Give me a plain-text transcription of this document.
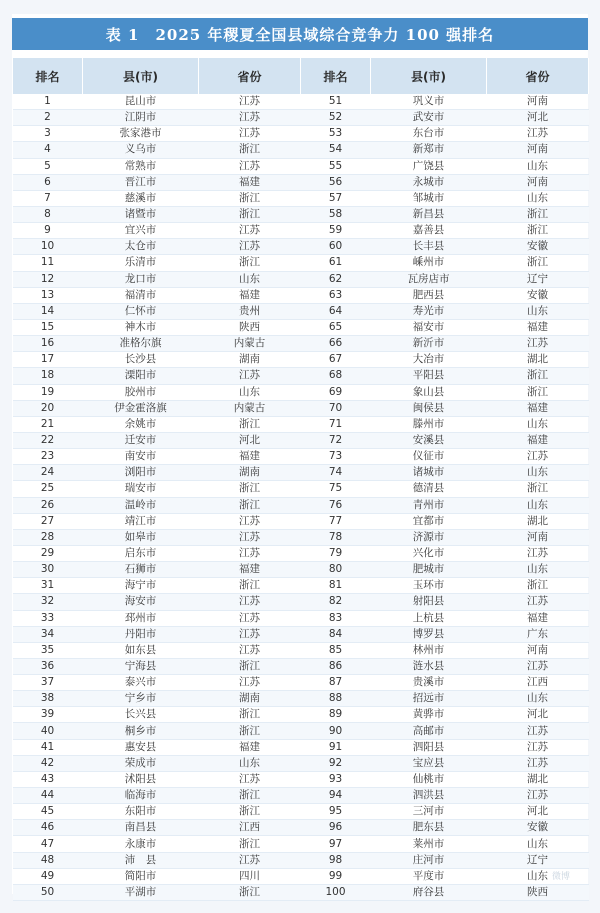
表 1　2025 年稷夏全国县域综合竞争力 100 强排名
排名	县(市)	省份	排名	县(市)	省份
1	昆山市	江苏	51	巩义市	河南
2	江阴市	江苏	52	武安市	河北
3	张家港市	江苏	53	东台市	江苏
4	义乌市	浙江	54	新郑市	河南
5	常熟市	江苏	55	广饶县	山东
6	晋江市	福建	56	永城市	河南
7	慈溪市	浙江	57	邹城市	山东
8	诸暨市	浙江	58	新昌县	浙江
9	宜兴市	江苏	59	嘉善县	浙江
10	太仓市	江苏	60	长丰县	安徽
11	乐清市	浙江	61	嵊州市	浙江
12	龙口市	山东	62	瓦房店市	辽宁
13	福清市	福建	63	肥西县	安徽
14	仁怀市	贵州	64	寿光市	山东
15	神木市	陕西	65	福安市	福建
16	准格尔旗	内蒙古	66	新沂市	江苏
17	长沙县	湖南	67	大冶市	湖北
18	溧阳市	江苏	68	平阳县	浙江
19	胶州市	山东	69	象山县	浙江
20	伊金霍洛旗	内蒙古	70	闽侯县	福建
21	余姚市	浙江	71	滕州市	山东
22	迁安市	河北	72	安溪县	福建
23	南安市	福建	73	仪征市	江苏
24	浏阳市	湖南	74	诸城市	山东
25	瑞安市	浙江	75	德清县	浙江
26	温岭市	浙江	76	青州市	山东
27	靖江市	江苏	77	宜都市	湖北
28	如皋市	江苏	78	济源市	河南
29	启东市	江苏	79	兴化市	江苏
30	石狮市	福建	80	肥城市	山东
31	海宁市	浙江	81	玉环市	浙江
32	海安市	江苏	82	射阳县	江苏
33	邳州市	江苏	83	上杭县	福建
34	丹阳市	江苏	84	博罗县	广东
35	如东县	江苏	85	林州市	河南
36	宁海县	浙江	86	涟水县	江苏
37	泰兴市	江苏	87	贵溪市	江西
38	宁乡市	湖南	88	招远市	山东
39	长兴县	浙江	89	黄骅市	河北
40	桐乡市	浙江	90	高邮市	江苏
41	惠安县	福建	91	泗阳县	江苏
42	荣成市	山东	92	宝应县	江苏
43	沭阳县	江苏	93	仙桃市	湖北
44	临海市	浙江	94	泗洪县	江苏
45	东阳市	浙江	95	三河市	河北
46	南昌县	江西	96	肥东县	安徽
47	永康市	浙江	97	莱州市	山东
48	沛　县	江苏	98	庄河市	辽宁
49	简阳市	四川	99	平度市	山东
50	平湖市	浙江	100	府谷县	陕西
微博
